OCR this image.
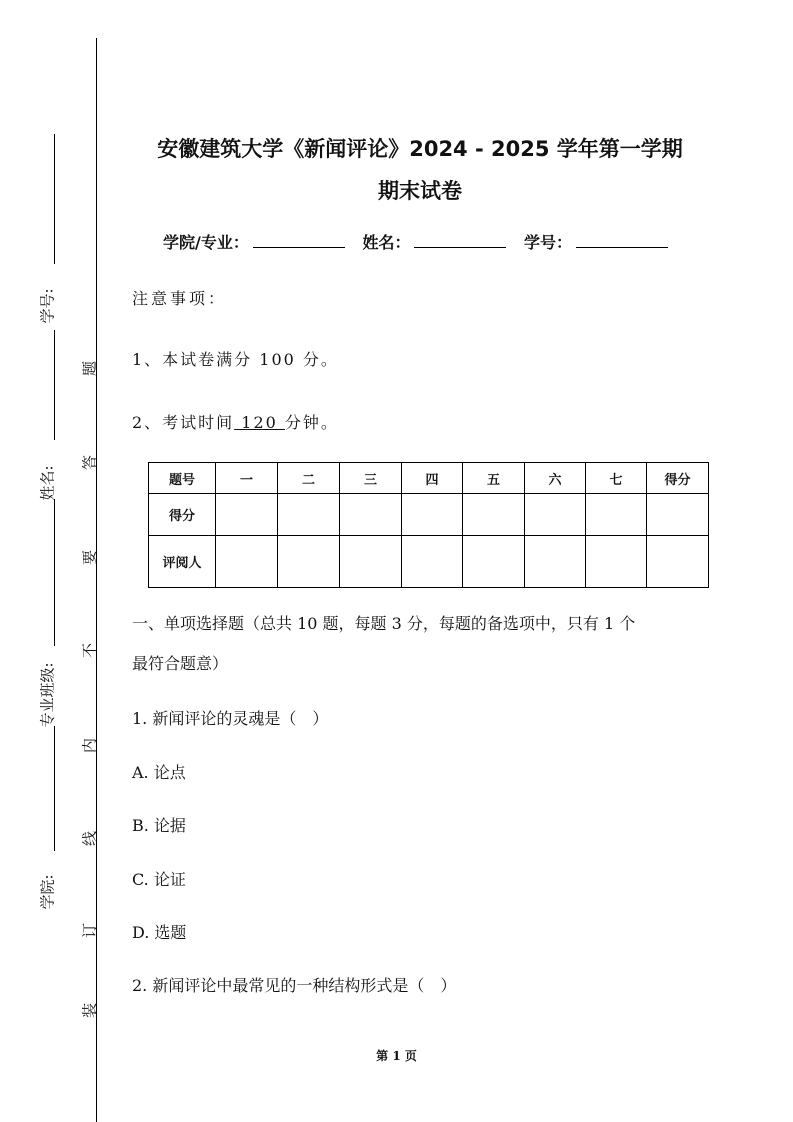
学号:
姓名:
专业班级:
学院:
题
答
要
不
内
线
订
装
安徽建筑大学《新闻评论》2024 - 2025 学年第一学期
期末试卷
学院/专业：	姓名：	学号：
注意事项：
1、本试卷满分 100 分。
2、考试时间 120 分钟。
题号	一	二	三	四	五	六	七	得分
得分								
评阅人								
一、单项选择题（总共 10 题，每题 3 分，每题的备选项中，只有 1 个
最符合题意）
1. 新闻评论的灵魂是（　）
A. 论点
B. 论据
C. 论证
D. 选题
2. 新闻评论中最常见的一种结构形式是（　）
第 1 页
